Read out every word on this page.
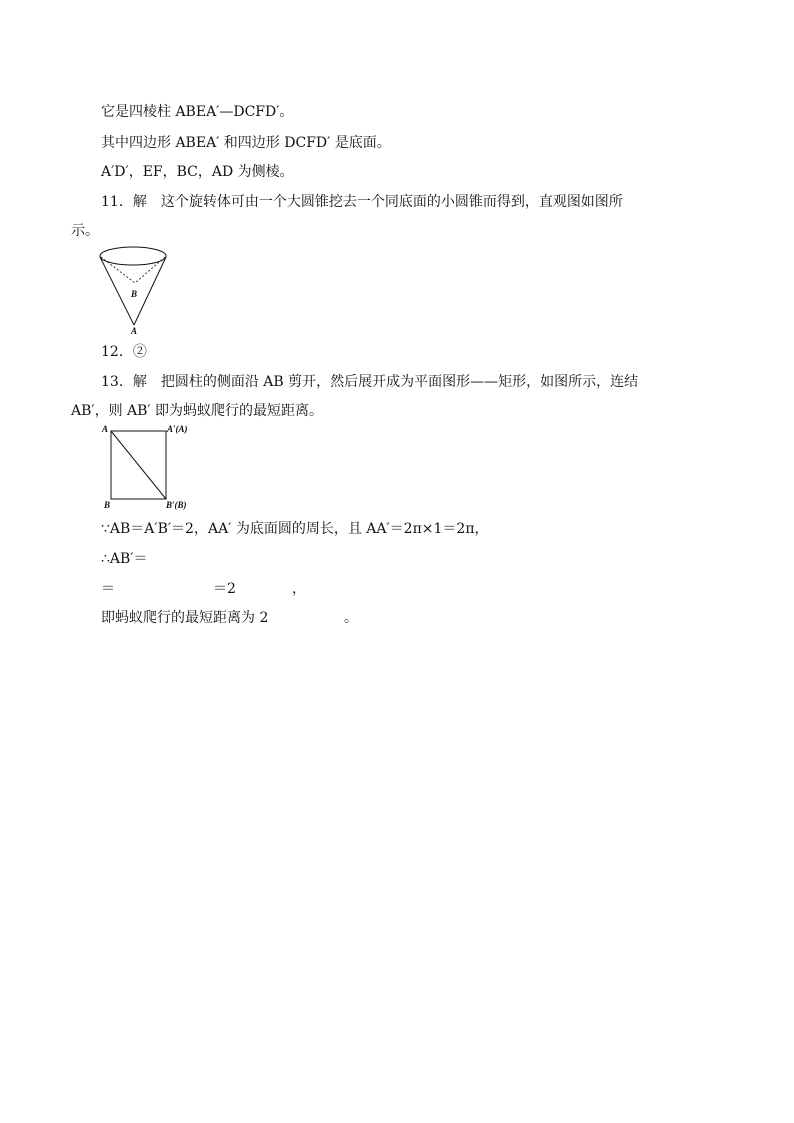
它是四棱柱 ABEA′—DCFD′。
其中四边形 ABEA′ 和四边形 DCFD′ 是底面。
A′D′，EF，BC，AD 为侧棱。
11．解　这个旋转体可由一个大圆锥挖去一个同底面的小圆锥而得到，直观图如图所
示。
B
A
12．②
13．解　把圆柱的侧面沿 AB 剪开，然后展开成为平面图形——矩形，如图所示，连结
AB′，则 AB′ 即为蚂蚁爬行的最短距离。
A	A′(A)
B	B′(B)
∵AB＝A′B′＝2，AA′ 为底面圆的周长，且 AA′＝2π×1＝2π，
∴AB′＝
＝	＝2	，
即蚂蚁爬行的最短距离为 2	。
